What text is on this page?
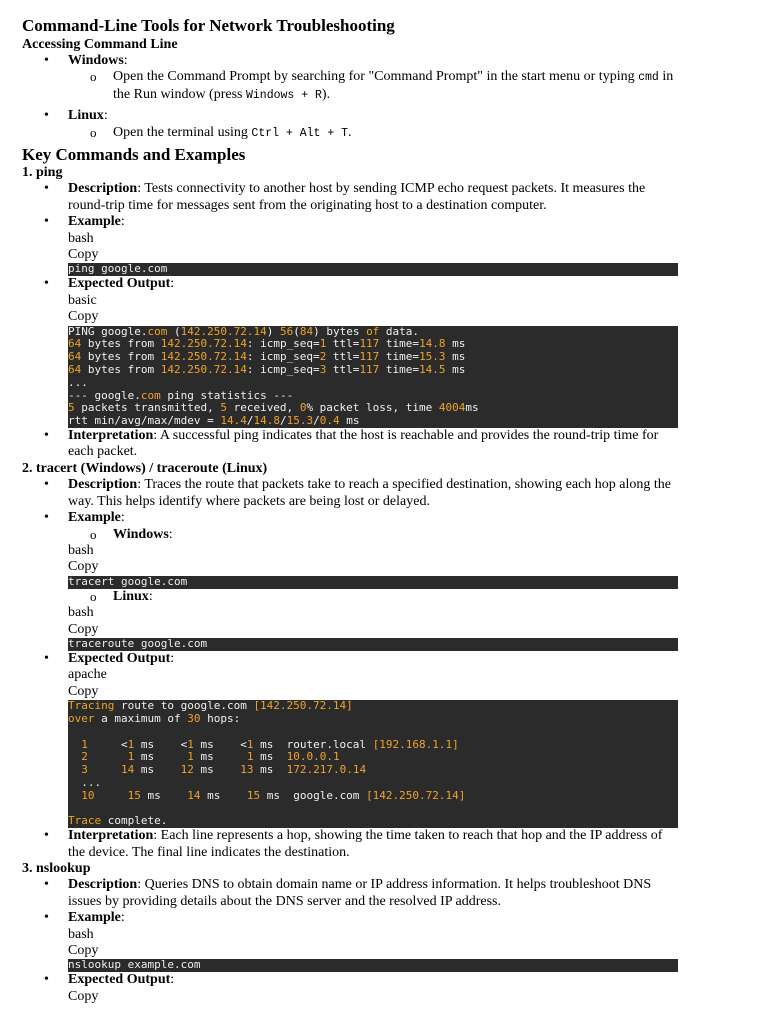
Command-Line Tools for Network Troubleshooting
Accessing Command Line
• Windows:
o Open the Command Prompt by searching for "Command Prompt" in the start menu or typing cmd in the Run window (press Windows + R).
• Linux:
o Open the terminal using Ctrl + Alt + T.
Key Commands and Examples
1. ping
• Description: Tests connectivity to another host by sending ICMP echo request packets. It measures the round-trip time for messages sent from the originating host to a destination computer.
• Example:
bash
Copy
ping google.com
• Expected Output:
basic
Copy
PING google.com (142.250.72.14) 56(84) bytes of data.
64 bytes from 142.250.72.14: icmp_seq=1 ttl=117 time=14.8 ms
64 bytes from 142.250.72.14: icmp_seq=2 ttl=117 time=15.3 ms
64 bytes from 142.250.72.14: icmp_seq=3 ttl=117 time=14.5 ms
...
--- google.com ping statistics ---
5 packets transmitted, 5 received, 0% packet loss, time 4004ms
rtt min/avg/max/mdev = 14.4/14.8/15.3/0.4 ms
• Interpretation: A successful ping indicates that the host is reachable and provides the round-trip time for each packet.
2. tracert (Windows) / traceroute (Linux)
• Description: Traces the route that packets take to reach a specified destination, showing each hop along the way. This helps identify where packets are being lost or delayed.
• Example:
o Windows:
bash
Copy
tracert google.com
o Linux:
bash
Copy
traceroute google.com
• Expected Output:
apache
Copy
Tracing route to google.com [142.250.72.14]
over a maximum of 30 hops:

1     <1 ms    <1 ms    <1 ms  router.local [192.168.1.1]
2	1 ms     1 ms     1 ms  10.0.0.1
3	14 ms    12 ms    13 ms  172.217.0.14
...
10	15 ms    14 ms    15 ms  google.com [142.250.72.14]

Trace complete.
• Interpretation: Each line represents a hop, showing the time taken to reach that hop and the IP address of the device. The final line indicates the destination.
3. nslookup
• Description: Queries DNS to obtain domain name or IP address information. It helps troubleshoot DNS issues by providing details about the DNS server and the resolved IP address.
• Example:
bash
Copy
nslookup example.com
• Expected Output:
Copy
